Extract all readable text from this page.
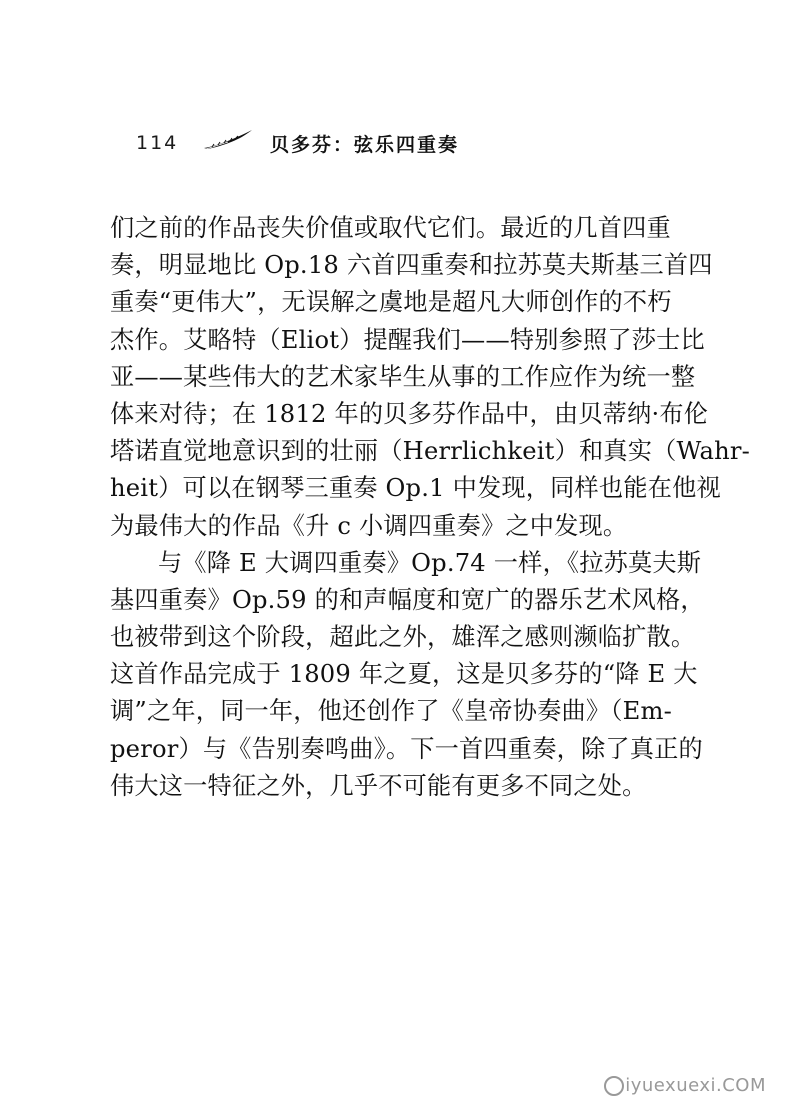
114	贝多芬：弦乐四重奏
们之前的作品丧失价值或取代它们。最近的几首四重
奏，明显地比 Op.18 六首四重奏和拉苏莫夫斯基三首四
重奏“更伟大”，无误解之虞地是超凡大师创作的不朽
杰作。艾略特（Eliot）提醒我们——特别参照了莎士比
亚——某些伟大的艺术家毕生从事的工作应作为统一整
体来对待；在 1812 年的贝多芬作品中，由贝蒂纳·布伦
塔诺直觉地意识到的壮丽（Herrlichkeit）和真实（Wahr-
heit）可以在钢琴三重奏 Op.1 中发现，同样也能在他视
为最伟大的作品《升 c 小调四重奏》之中发现。
与《降 E 大调四重奏》Op.74 一样，《拉苏莫夫斯
基四重奏》Op.59 的和声幅度和宽广的器乐艺术风格，
也被带到这个阶段，超此之外，雄浑之感则濒临扩散。
这首作品完成于 1809 年之夏，这是贝多芬的“降 E 大
调”之年，同一年，他还创作了《皇帝协奏曲》（Em-
peror）与《告别奏鸣曲》。下一首四重奏，除了真正的
伟大这一特征之外，几乎不可能有更多不同之处。
iyuexuexi.COM
